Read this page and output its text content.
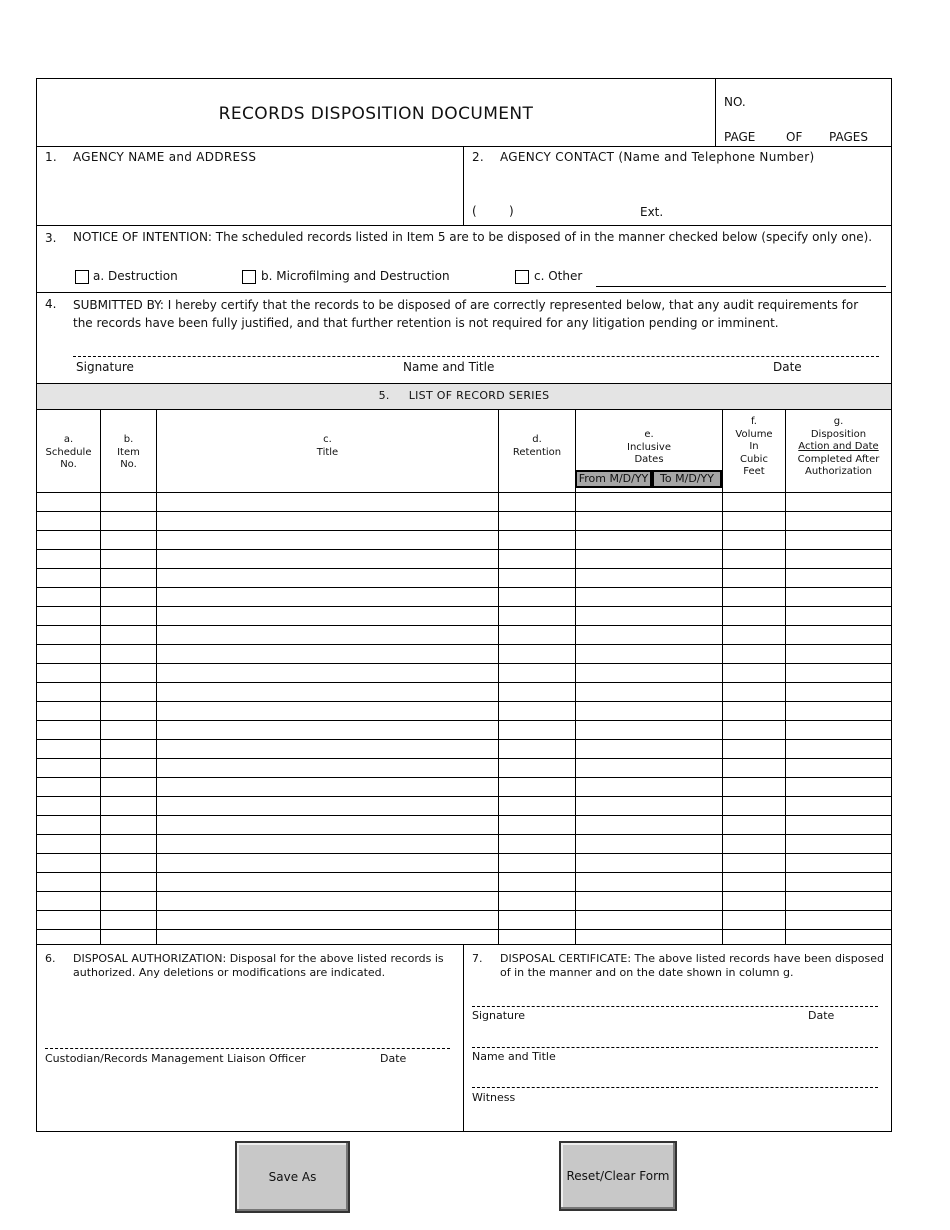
RECORDS DISPOSITION DOCUMENT
NO.
PAGE	OF PAGES
1. AGENCY NAME and ADDRESS	2. AGENCY CONTACT (Name and Telephone Number)
(	)	Ext.
3. NOTICE OF INTENTION: The scheduled records listed in Item 5 are to be disposed of in the manner checked below (specify only one).
a. Destruction	b. Microfilming and Destruction	c. Other
4. SUBMITTED BY: I hereby certify that the records to be disposed of are correctly represented below, that any audit requirements for the records have been fully justified, and that further retention is not required for any litigation pending or imminent.
Signature	Name and Title	Date
5.     LIST OF RECORD SERIES
a.
Schedule
No.
b.
Item
No.
c.
Title
d.
Retention
e.
Inclusive
Dates
From M/D/YY	To M/D/YY
f.
Volume
In
Cubic
Feet
g.
Disposition
Action and Date
Completed After
Authorization
6. DISPOSAL AUTHORIZATION: Disposal for the above listed records is authorized. Any deletions or modifications are indicated.
Custodian/Records Management Liaison Officer	Date
7. DISPOSAL CERTIFICATE: The above listed records have been disposed of in the manner and on the date shown in column g.
Signature	Date
Name and Title
Witness
Save As	Reset/Clear Form
